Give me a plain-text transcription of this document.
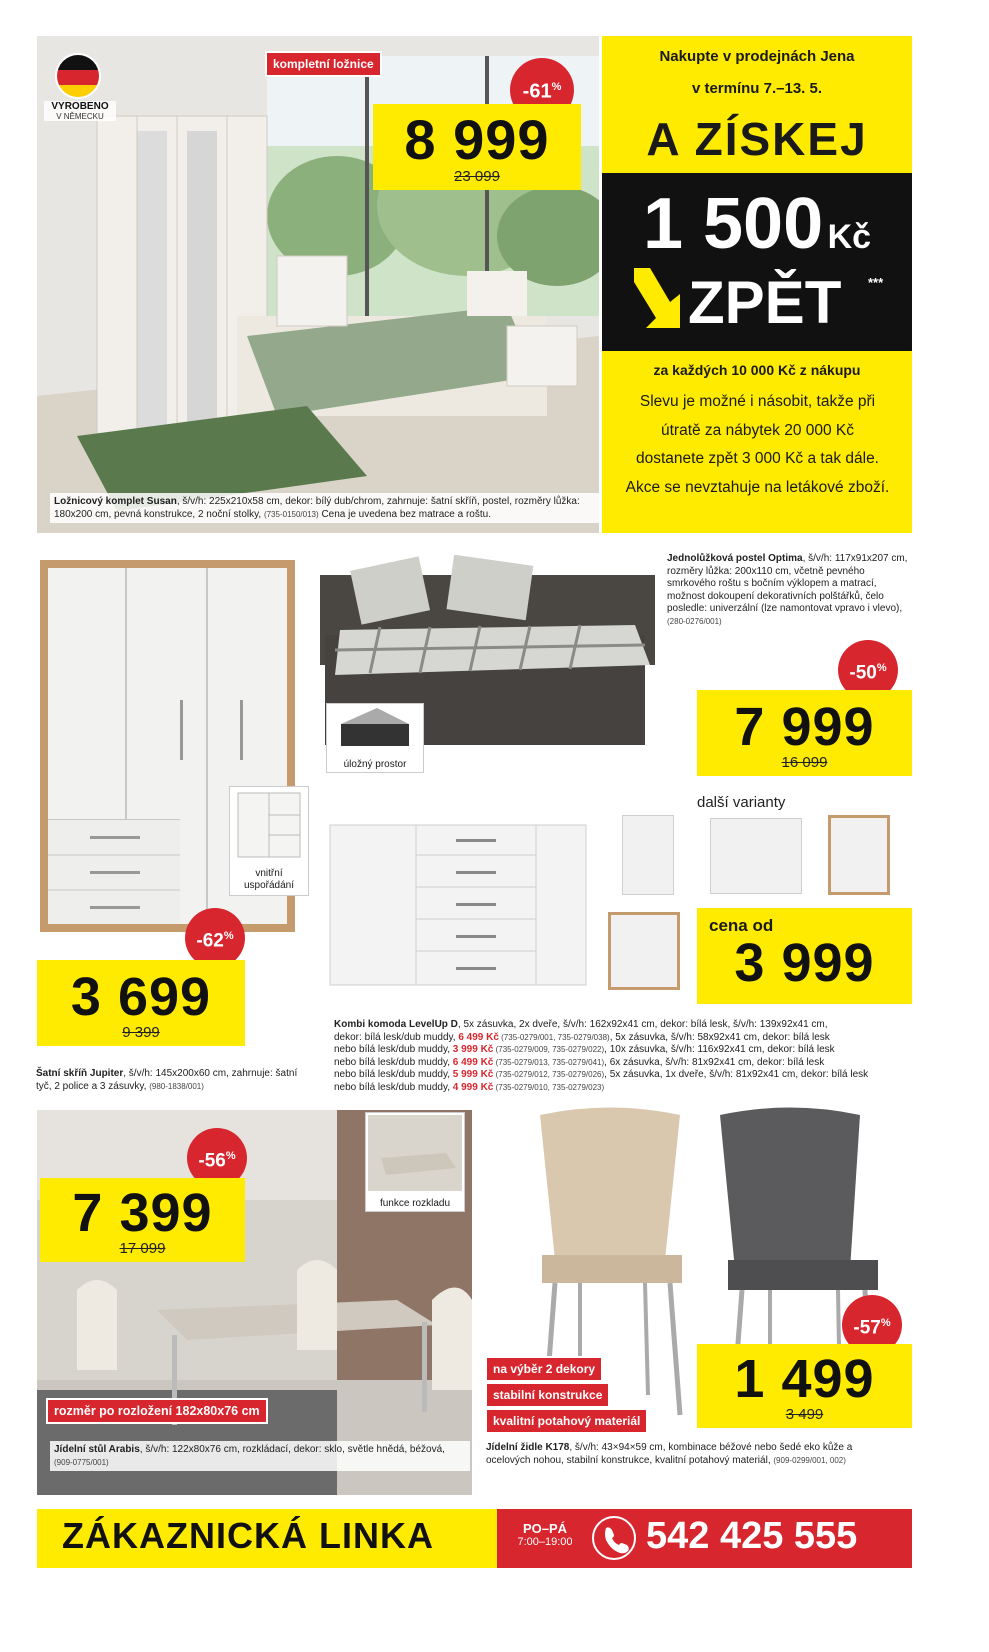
VYROBENO
V NĚMECKU
kompletní ložnice
-61%
8 999
23 099
Ložnicový komplet Susan, š/v/h: 225x210x58 cm, dekor: bílý dub/chrom, zahrnuje: šatní skříň, postel, rozměry lůžka: 180x200 cm, pevná konstrukce, 2 noční stolky, (735-0150/013) Cena je uvedena bez matrace a roštu.
Nakupte v prodejnách Jena
v termínu 7.–13. 5.
A ZÍSKEJ
1 500 Kč
ZPĚT ***
za každých 10 000 Kč z nákupu
Slevu je možné i násobit, takže při útratě za nábytek 20 000 Kč dostanete zpět 3 000 Kč a tak dále. Akce se nevztahuje na letákové zboží.
vnitřní uspořádání
-62%
3 699
9 399
Šatní skříň Jupiter, š/v/h: 145x200x60 cm, zahrnuje: šatní tyč, 2 police a 3 zásuvky, (980-1838/001)
úložný prostor
Jednolůžková postel Optima, š/v/h: 117x91x207 cm, rozměry lůžka: 200x110 cm, včetně pevného smrkového roštu s bočním výklopem a matrací, možnost dokoupení dekorativních polštářků, čelo posledle: univerzální (lze namontovat vpravo i vlevo), (280-0276/001)
-50%
7 999
16 099
další varianty
cena od
3 999
Kombi komoda LevelUp D, 5x zásuvka, 2x dveře, š/v/h: 162x92x41 cm, dekor: bílá lesk, š/v/h: 139x92x41 cm,
dekor: bílá lesk/dub muddy, 6 499 Kč (735-0279/001, 735-0279/038), 5x zásuvka, š/v/h: 58x92x41 cm, dekor: bílá lesk
nebo bílá lesk/dub muddy, 3 999 Kč (735-0279/009, 735-0279/022), 10x zásuvka, š/v/h: 116x92x41 cm, dekor: bílá lesk
nebo bílá lesk/dub muddy, 6 499 Kč (735-0279/013, 735-0279/041), 6x zásuvka, š/v/h: 81x92x41 cm, dekor: bílá lesk
nebo bílá lesk/dub muddy, 5 999 Kč (735-0279/012, 735-0279/026), 5x zásuvka, 1x dveře, š/v/h: 81x92x41 cm, dekor: bílá lesk
nebo bílá lesk/dub muddy, 4 999 Kč (735-0279/010, 735-0279/023)
funkce rozkladu
-56%
7 399
17 099
rozměr po rozložení 182x80x76 cm
Jídelní stůl Arabis, š/v/h: 122x80x76 cm, rozkládací, dekor: sklo, světle hnědá, béžová, (909-0775/001)
na výběr 2 dekory
stabilní konstrukce
kvalitní potahový materiál
-57%
1 499
3 499
Jídelní židle K178, š/v/h: 43×94×59 cm, kombinace béžové nebo šedé eko kůže a ocelových nohou, stabilní konstrukce, kvalitní potahový materiál, (909-0299/001, 002)
ZÁKAZNICKÁ LINKA	PO–PÁ
7:00–19:00	542 425 555
